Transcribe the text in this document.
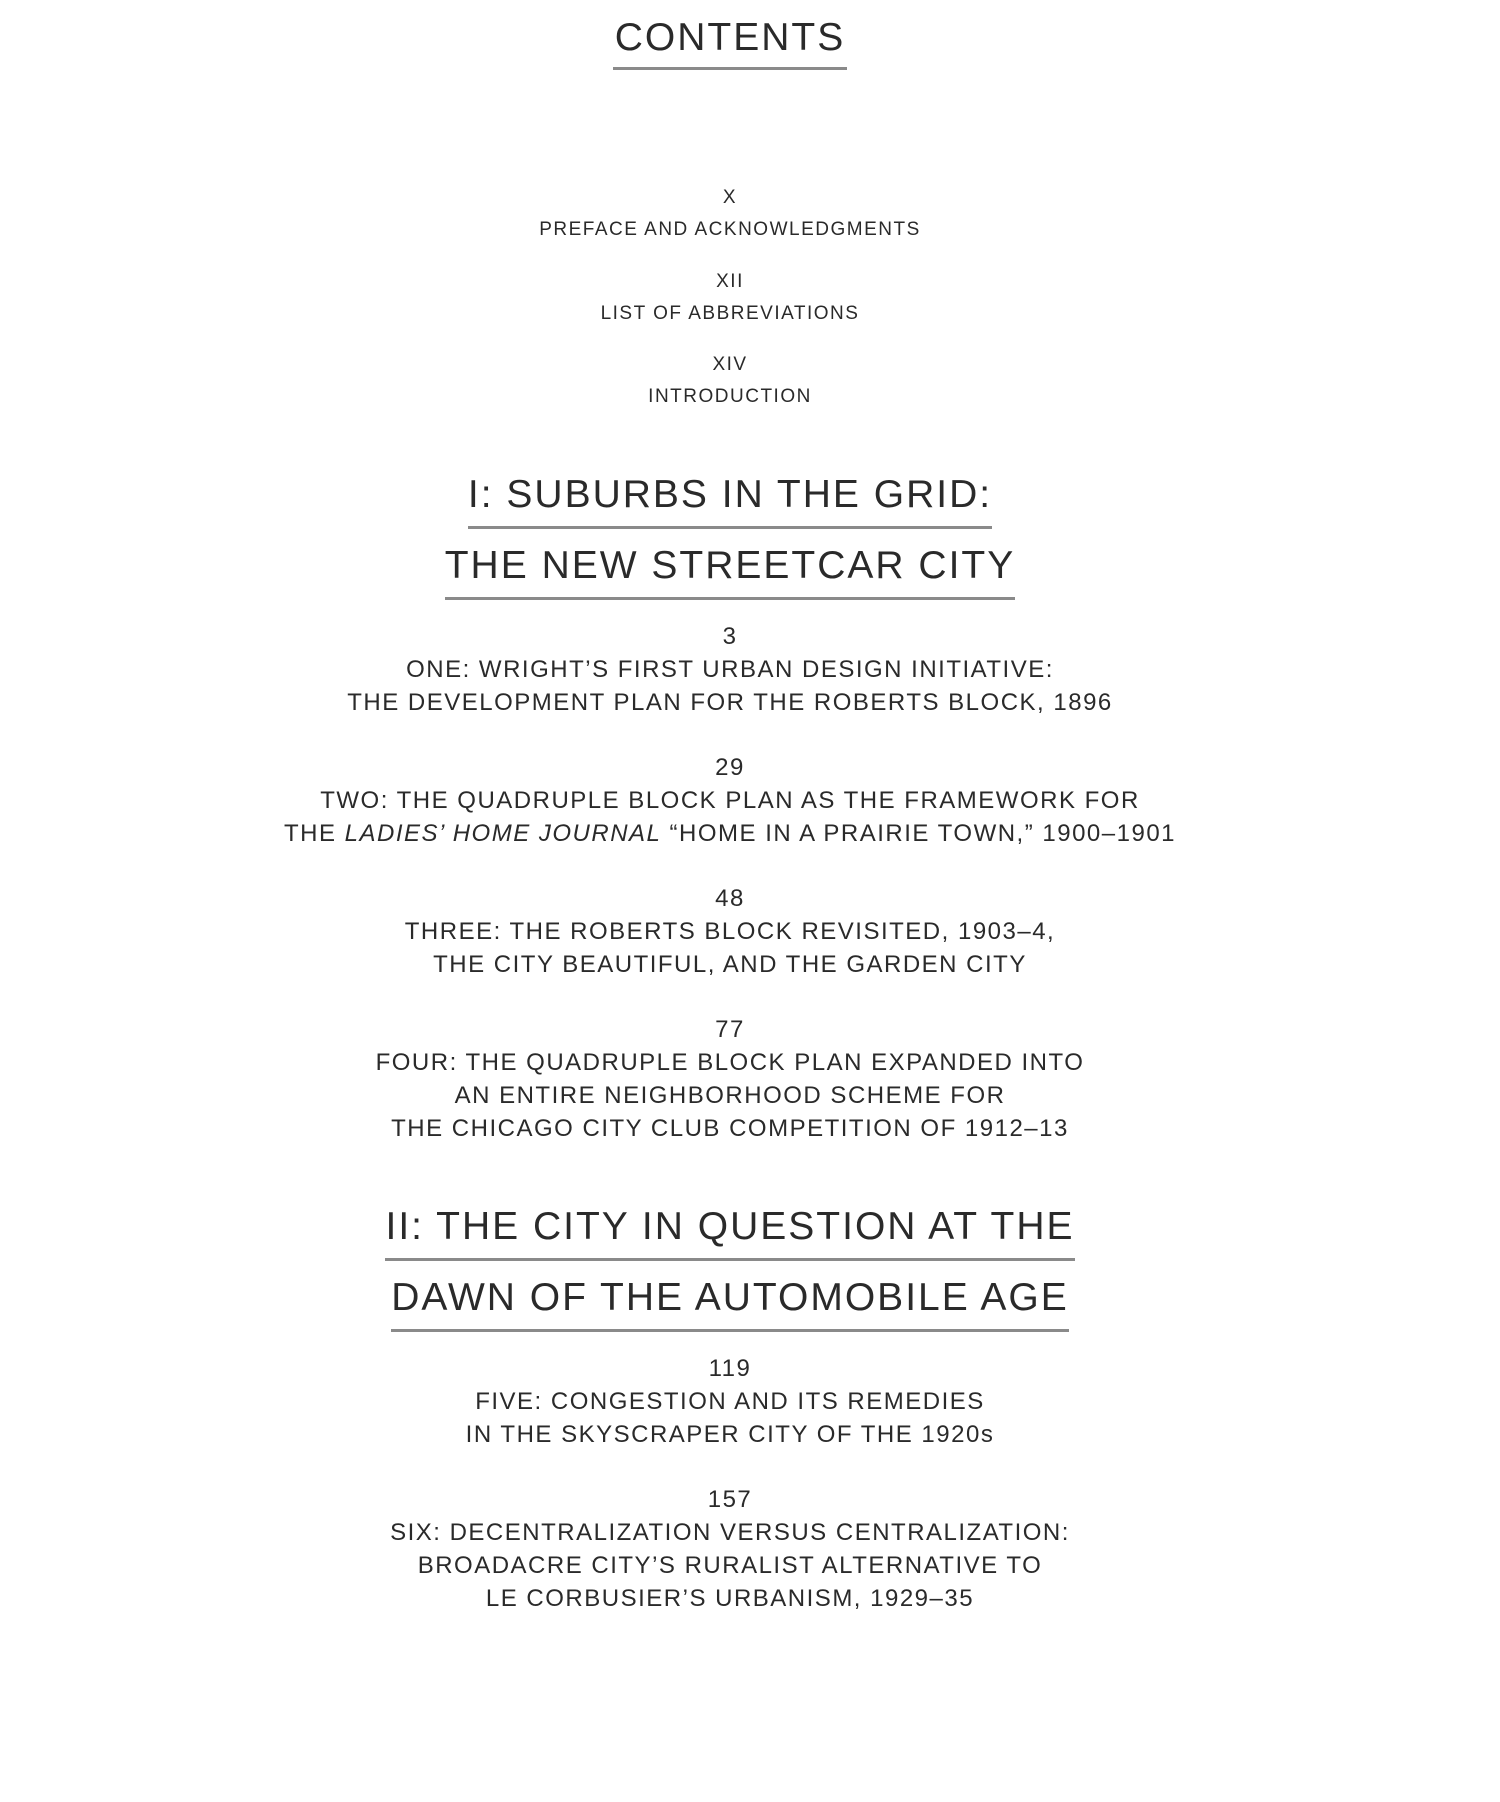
CONTENTS
X
PREFACE AND ACKNOWLEDGMENTS
XII
LIST OF ABBREVIATIONS
XIV
INTRODUCTION
I: SUBURBS IN THE GRID:
THE NEW STREETCAR CITY
3
ONE: WRIGHT’S FIRST URBAN DESIGN INITIATIVE:
THE DEVELOPMENT PLAN FOR THE ROBERTS BLOCK, 1896
29
TWO: THE QUADRUPLE BLOCK PLAN AS THE FRAMEWORK FOR
THE LADIES’ HOME JOURNAL “HOME IN A PRAIRIE TOWN,” 1900–1901
48
THREE: THE ROBERTS BLOCK REVISITED, 1903–4,
THE CITY BEAUTIFUL, AND THE GARDEN CITY
77
FOUR: THE QUADRUPLE BLOCK PLAN EXPANDED INTO
AN ENTIRE NEIGHBORHOOD SCHEME FOR
THE CHICAGO CITY CLUB COMPETITION OF 1912–13
II: THE CITY IN QUESTION AT THE
DAWN OF THE AUTOMOBILE AGE
119
FIVE: CONGESTION AND ITS REMEDIES
IN THE SKYSCRAPER CITY OF THE 1920s
157
SIX: DECENTRALIZATION VERSUS CENTRALIZATION:
BROADACRE CITY’S RURALIST ALTERNATIVE TO
LE CORBUSIER’S URBANISM, 1929–35
